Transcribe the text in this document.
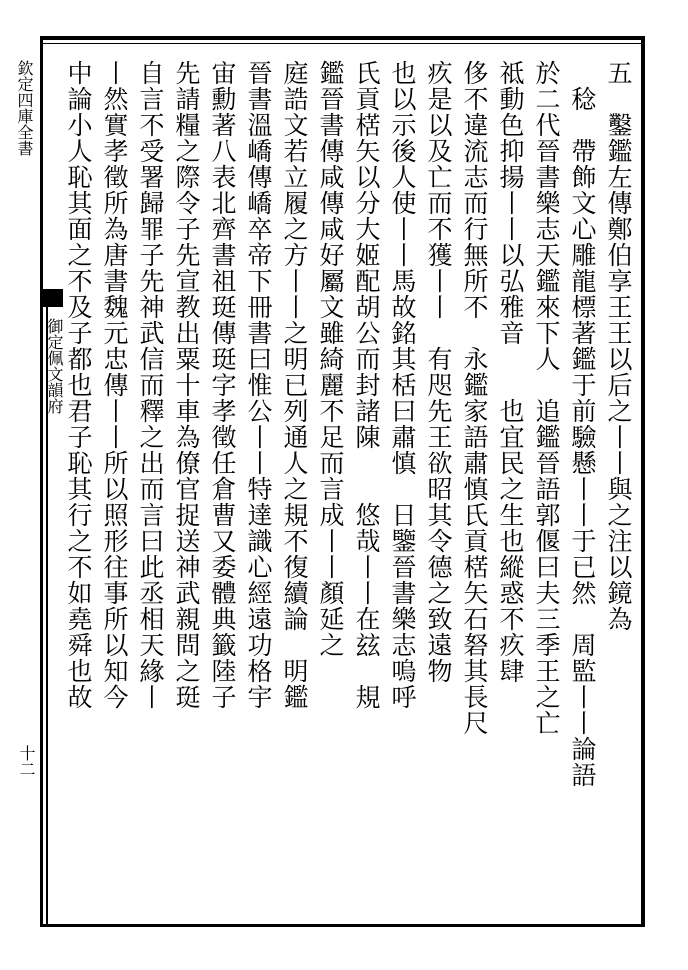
欽定四庫全書
御定佩文韻府
十二
五　鑿鑑左傳鄭伯享王王以后之丨丨與之注以鏡為
　稔　帶飾文心雕龍標著鑑于前驗懸丨丨于已然　周監丨丨論語
於二代晉書樂志天鑑來下人　追鑑晉語郭偃曰夫三季王之亡
祗動色抑揚丨丨以弘雅音　　也宜民之生也縱惑不疚肆
侈不違流志而行無所不　永鑑家語肅慎氏貢楛矢石砮其長尺
疚是以及亡而不獲丨丨　有咫先王欲昭其令德之致遠物
也以示後人使丨丨馬故銘其栝曰肅慎　日鑒晉書樂志嗚呼
氏貢楛矢以分大姬配胡公而封諸陳　　悠哉丨丨在玆　規
鑑晉書傳咸傳咸好屬文雖綺麗不足而言成丨丨顏延之
庭誥文若立履之方丨丨之明已列通人之規不復續論　明鑑
晉書溫嶠傳嶠卒帝下冊書曰惟公丨丨特達識心經遠功格宇
宙勳著八表北齊書祖珽傳珽字孝徵任倉曹又委體典籤陸子
先請糧之際令子先宣教出粟十車為僚官捉送神武親問之珽
自言不受署歸罪子先神武信而釋之出而言曰此丞相天緣丨
丨然實孝徵所為唐書魏元忠傳丨丨所以照形往事所以知今
中論小人恥其面之不及子都也君子恥其行之不如堯舜也故
